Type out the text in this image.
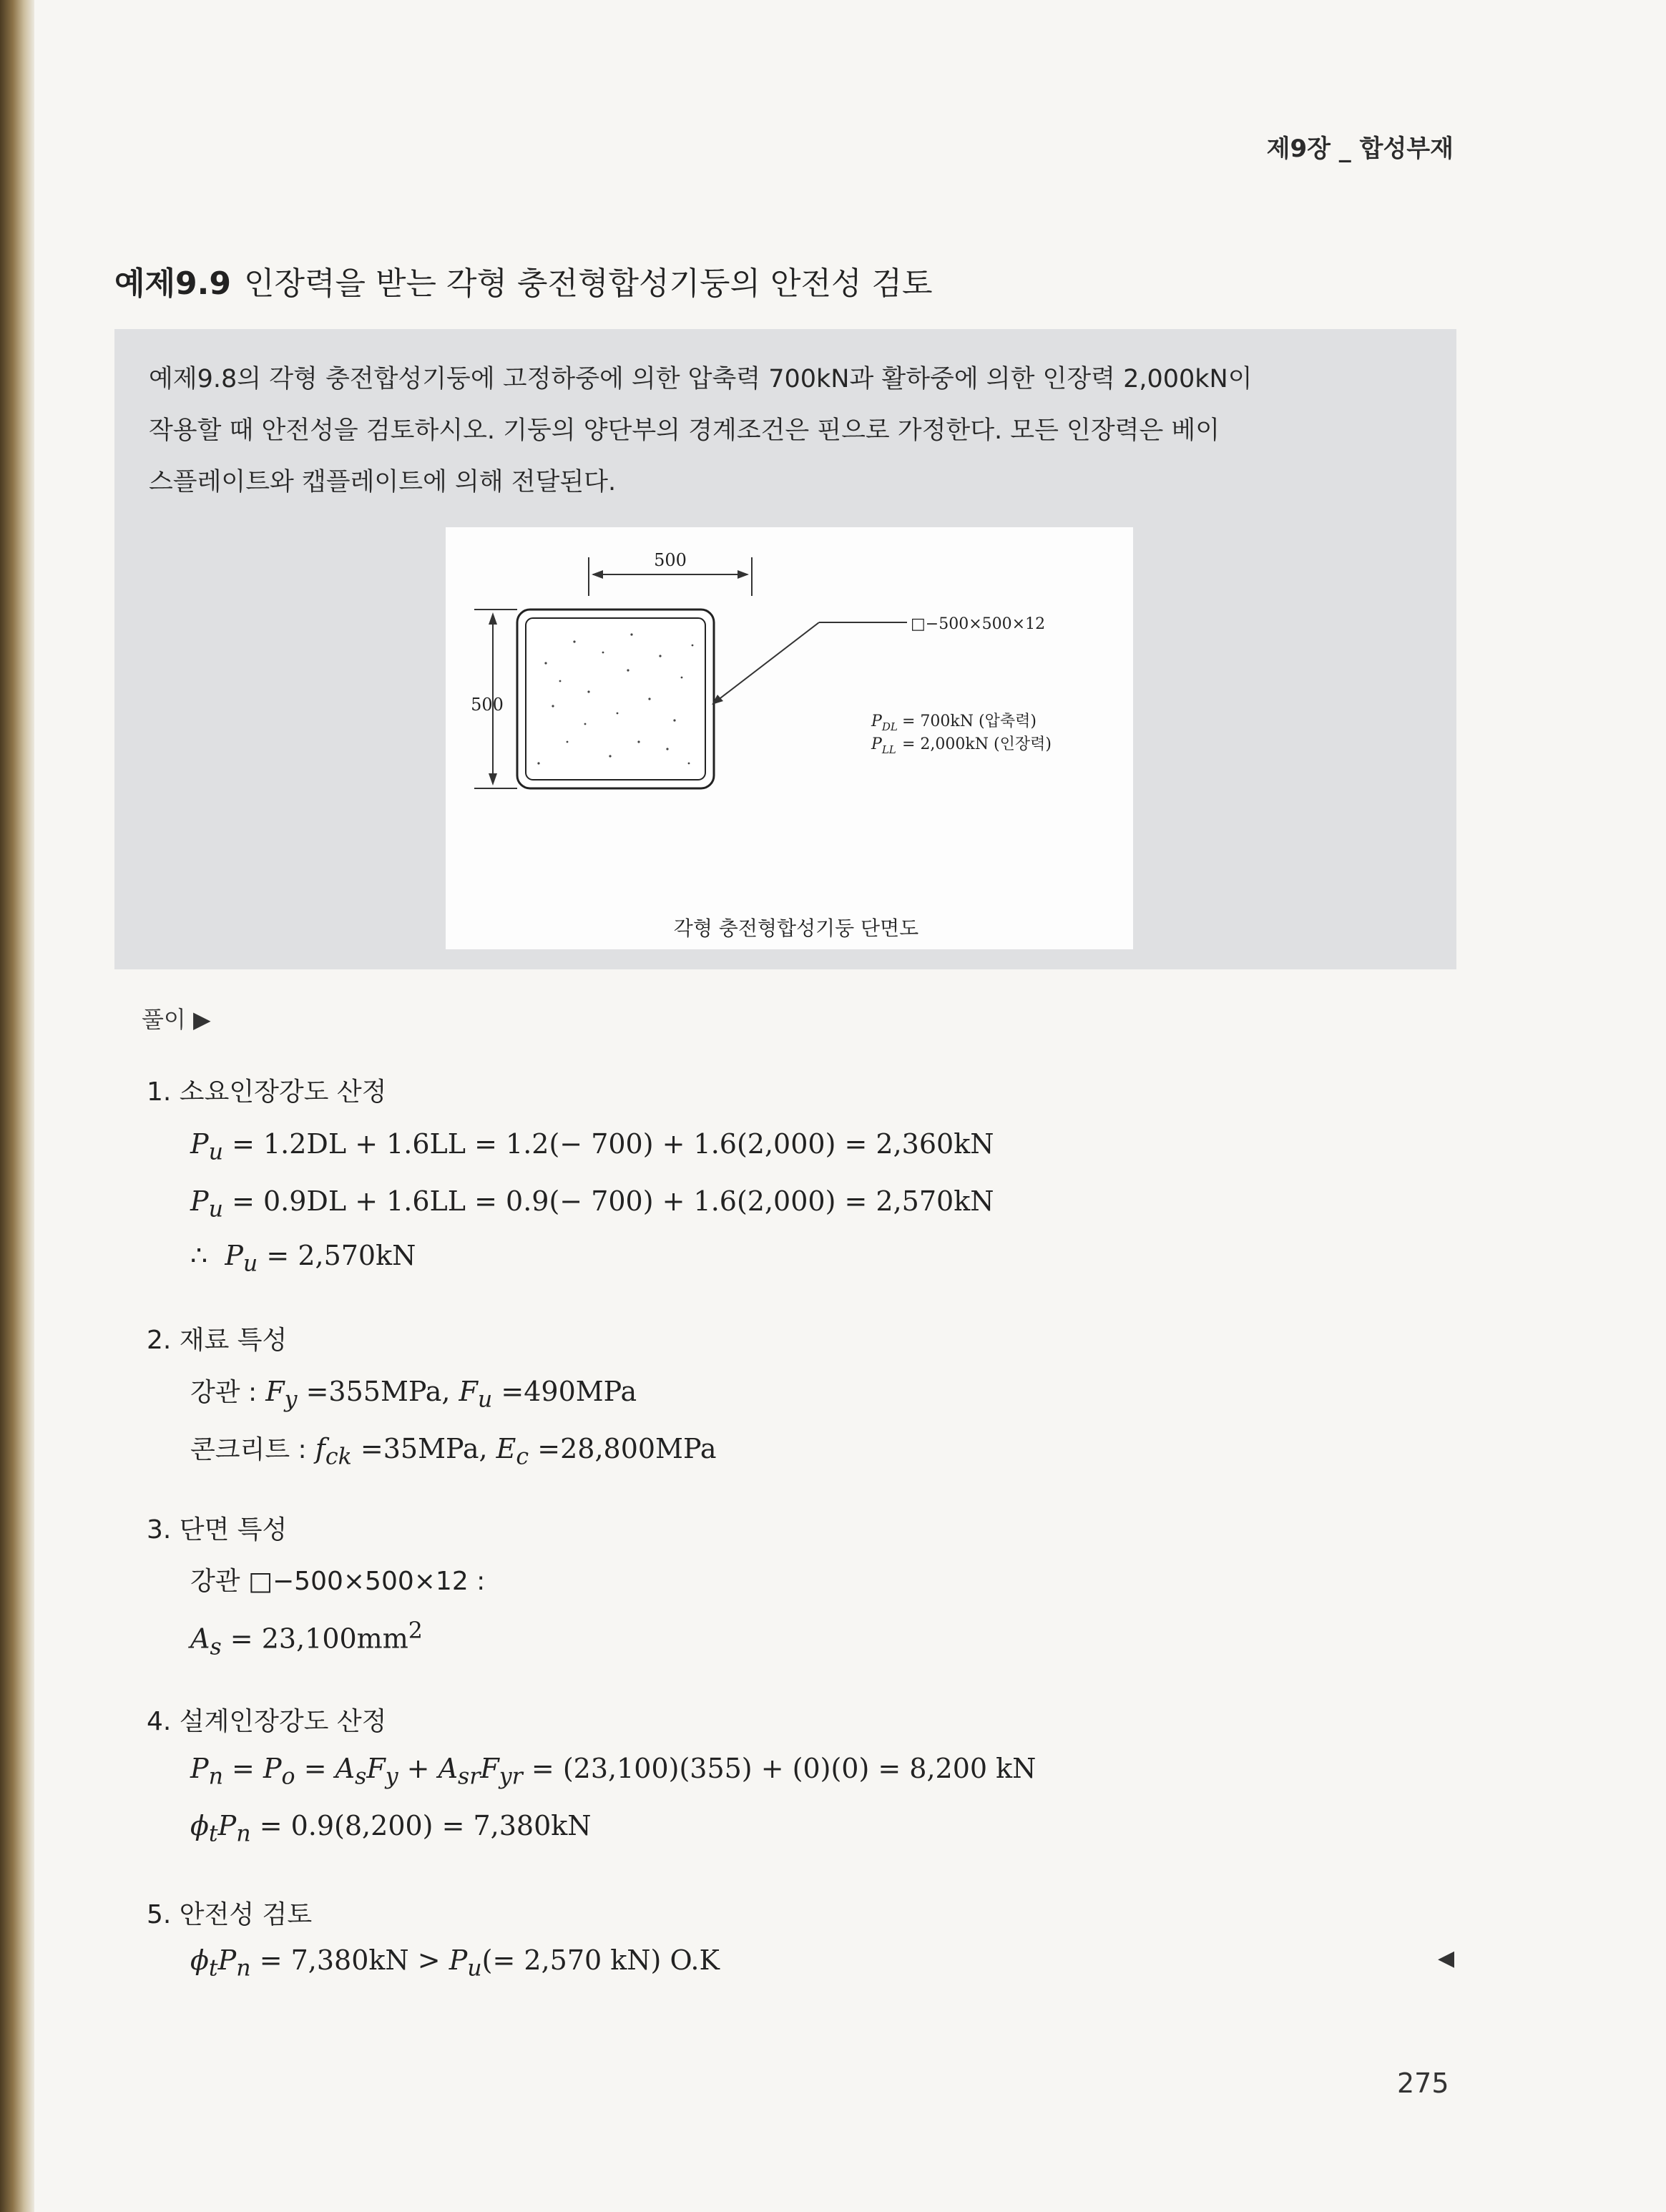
제9장 _ 합성부재
예제9.9 인장력을 받는 각형 충전형합성기둥의 안전성 검토
예제9.8의 각형 충전합성기둥에 고정하중에 의한 압축력 700kN과 활하중에 의한 인장력 2,000kN이
작용할 때 안전성을 검토하시오. 기둥의 양단부의 경계조건은 핀으로 가정한다. 모든 인장력은 베이
스플레이트와 캡플레이트에 의해 전달된다.
500
500
□−500×500×12
$P_{DL} = 700kN$ (압축력)
$P_{LL} = 2,000kN$ (인장력)
각형 충전형합성기둥 단면도
풀이 ▶
1. 소요인장강도 산정
$P_u = 1.2DL + 1.6LL = 1.2(- 700) + 1.6(2,000) = 2,360kN$
$P_u = 0.9DL + 1.6LL = 0.9(- 700) + 1.6(2,000) = 2,570kN$
∴  $P_u = 2,570kN$
2. 재료 특성
강관 : $F_y =355MPa$, $F_u =490MPa$
콘크리트 : $f_{ck} =35MPa$, $E_c =28,800MPa$
3. 단면 특성
강관 □−500×500×12 :
$A_s = 23,100mm^2$
4. 설계인장강도 산정
$P_n = P_o = A_sF_y + A_{sr}F_{yr} = (23,100)(355) + (0)(0) = 8,200$ kN
$\phi_tP_n = 0.9(8,200) = 7,380kN$
5. 안전성 검토
$\phi_tP_n = 7,380kN > P_u(= 2,570$ kN) O.K	◀
275
